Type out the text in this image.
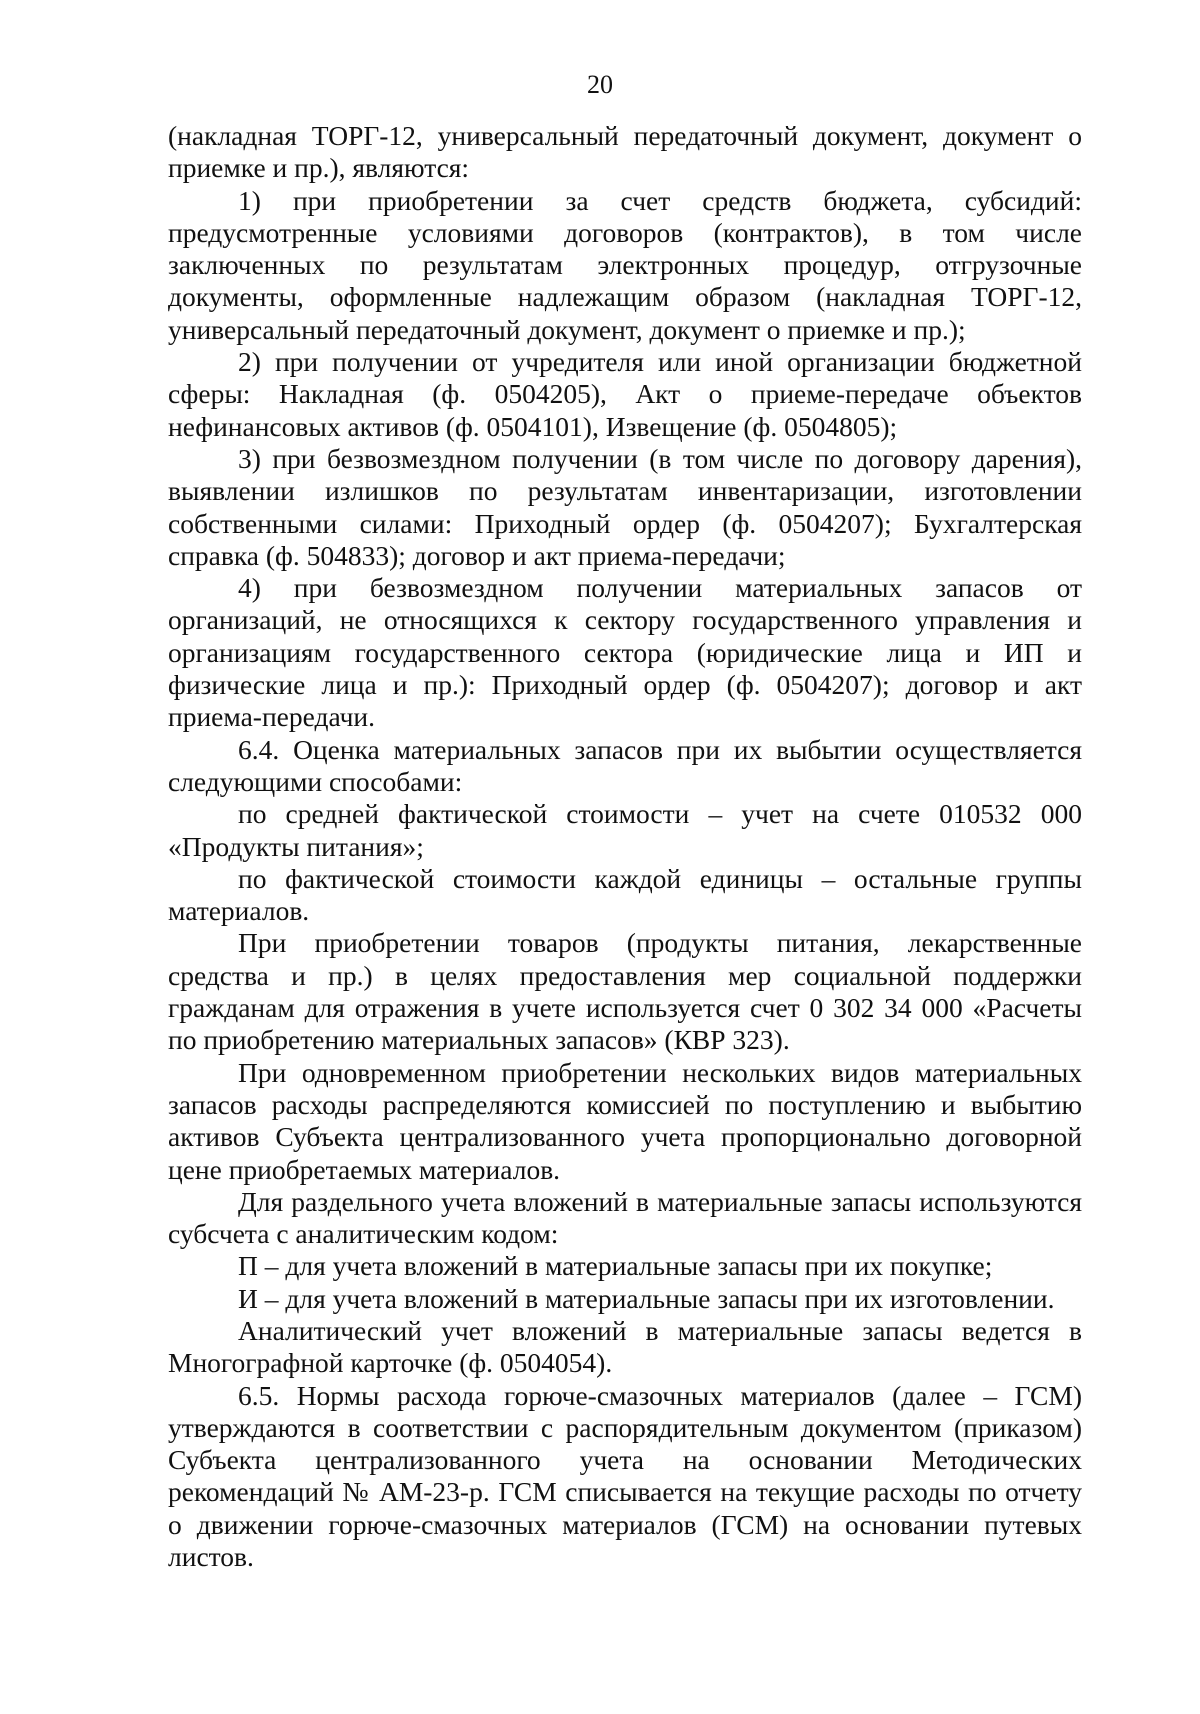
20

(накладная ТОРГ-12, универсальный передаточный документ, документ о приемке и пр.), являются:

1) при приобретении за счет средств бюджета, субсидий: предусмотренные условиями договоров (контрактов), в том числе заключенных по результатам электронных процедур, отгрузочные документы, оформленные надлежащим образом (накладная ТОРГ-12, универсальный передаточный документ, документ о приемке и пр.);

2) при получении от учредителя или иной организации бюджетной сферы: Накладная (ф. 0504205), Акт о приеме-передаче объектов нефинансовых активов (ф. 0504101), Извещение (ф. 0504805);

3) при безвозмездном получении (в том числе по договору дарения), выявлении излишков по результатам инвентаризации, изготовлении собственными силами: Приходный ордер (ф. 0504207); Бухгалтерская справка (ф. 504833); договор и акт приема-передачи;

4) при безвозмездном получении материальных запасов от организаций, не относящихся к сектору государственного управления и организациям государственного сектора (юридические лица и ИП и физические лица и пр.): Приходный ордер (ф. 0504207); договор и акт приема-передачи.

6.4. Оценка материальных запасов при их выбытии осуществляется следующими способами:

по средней фактической стоимости – учет на счете 010532 000 «Продукты питания»;

по фактической стоимости каждой единицы – остальные группы материалов.

При приобретении товаров (продукты питания, лекарственные средства и пр.) в целях предоставления мер социальной поддержки гражданам для отражения в учете используется счет 0 302 34 000 «Расчеты по приобретению материальных запасов» (КВР 323).

При одновременном приобретении нескольких видов материальных запасов расходы распределяются комиссией по поступлению и выбытию активов Субъекта централизованного учета пропорционально договорной цене приобретаемых материалов.

Для раздельного учета вложений в материальные запасы используются субсчета с аналитическим кодом:

П – для учета вложений в материальные запасы при их покупке;

И – для учета вложений в материальные запасы при их изготовлении.

Аналитический учет вложений в материальные запасы ведется в Многографной карточке (ф. 0504054).

6.5. Нормы расхода горюче-смазочных материалов (далее – ГСМ) утверждаются в соответствии с распорядительным документом (приказом) Субъекта централизованного учета на основании Методических рекомендаций № АМ-23-р. ГСМ списывается на текущие расходы по отчету о движении горюче-смазочных материалов (ГСМ) на основании путевых листов.
